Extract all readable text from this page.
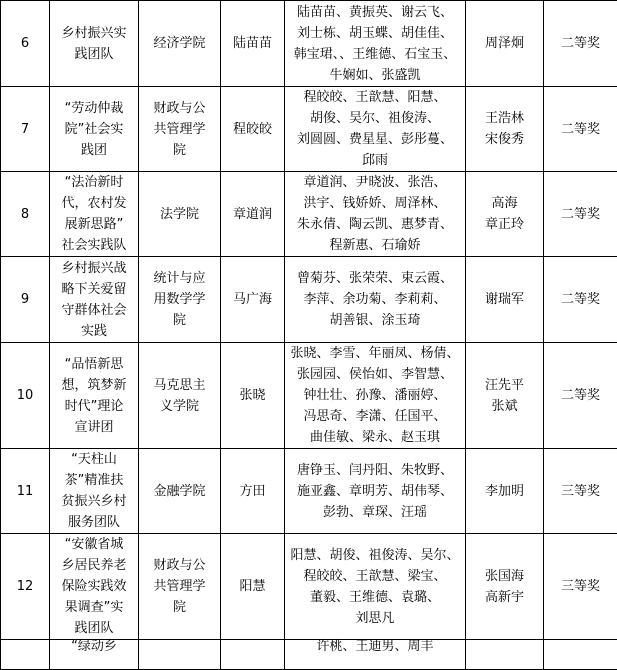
6	乡村振兴实
践团队	经济学院	陆苗苗	陆苗苗、黄振英、谢云飞、
刘士栋、胡玉蝶、胡佳佳、
韩宝珺、、王维德、石宝玉、
牛娴如、张盛凯	周泽炯	二等奖
7	“劳动仲裁
院”社会实
践团	财政与公
共管理学
院	程皎皎	程皎皎、王歆慧、阳慧、
胡俊、吴尔、祖俊涛、
刘圆圆、费星星、彭彤蔓、
邱雨	王浩林
宋俊秀	二等奖
8	“法治新时
代，农村发
展新思路”
社会实践队	法学院	章道润	章道润、尹晓波、张浩、
洪宇、钱娇娇、周泽林、
朱永倩、陶云凯、惠梦青、
程新惠、石瑜娇	高海
章正玲	二等奖
9	乡村振兴战
略下关爱留
守群体社会
实践	统计与应
用数学学
院	马广海	曾菊芬、张荣荣、束云霞、
李萍、余功菊、李莉莉、
胡善银、涂玉琦	谢瑞军	二等奖
10	“品悟新思
想，筑梦新
时代”理论
宣讲团	马克思主
义学院	张晓	张晓、李雪、年丽凤、杨倩、
张园园、侯怡如、李智慧、
钟壮壮、孙豫、潘丽婷、
冯思奇、李潇、任国平、
曲佳敏、梁永、赵玉琪	汪先平
张斌	二等奖
11	“天柱山
茶”精准扶
贫振兴乡村
服务团队	金融学院	方田	唐铮玉、闫丹阳、朱牧野、
施亚鑫、章明芳、胡伟琴、
彭勃、章琛、汪瑶	李加明	三等奖
12	“安徽省城
乡居民养老
保险实践效
果调查”实
践团队	财政与公
共管理学
院	阳慧	阳慧、胡俊、祖俊涛、吴尔、
程皎皎、王歆慧、梁宝、
董毅、王维德、袁璐、
刘思凡	张国海
高新宇	三等奖
	“绿动乡			许桃、王迪男、周丰		
